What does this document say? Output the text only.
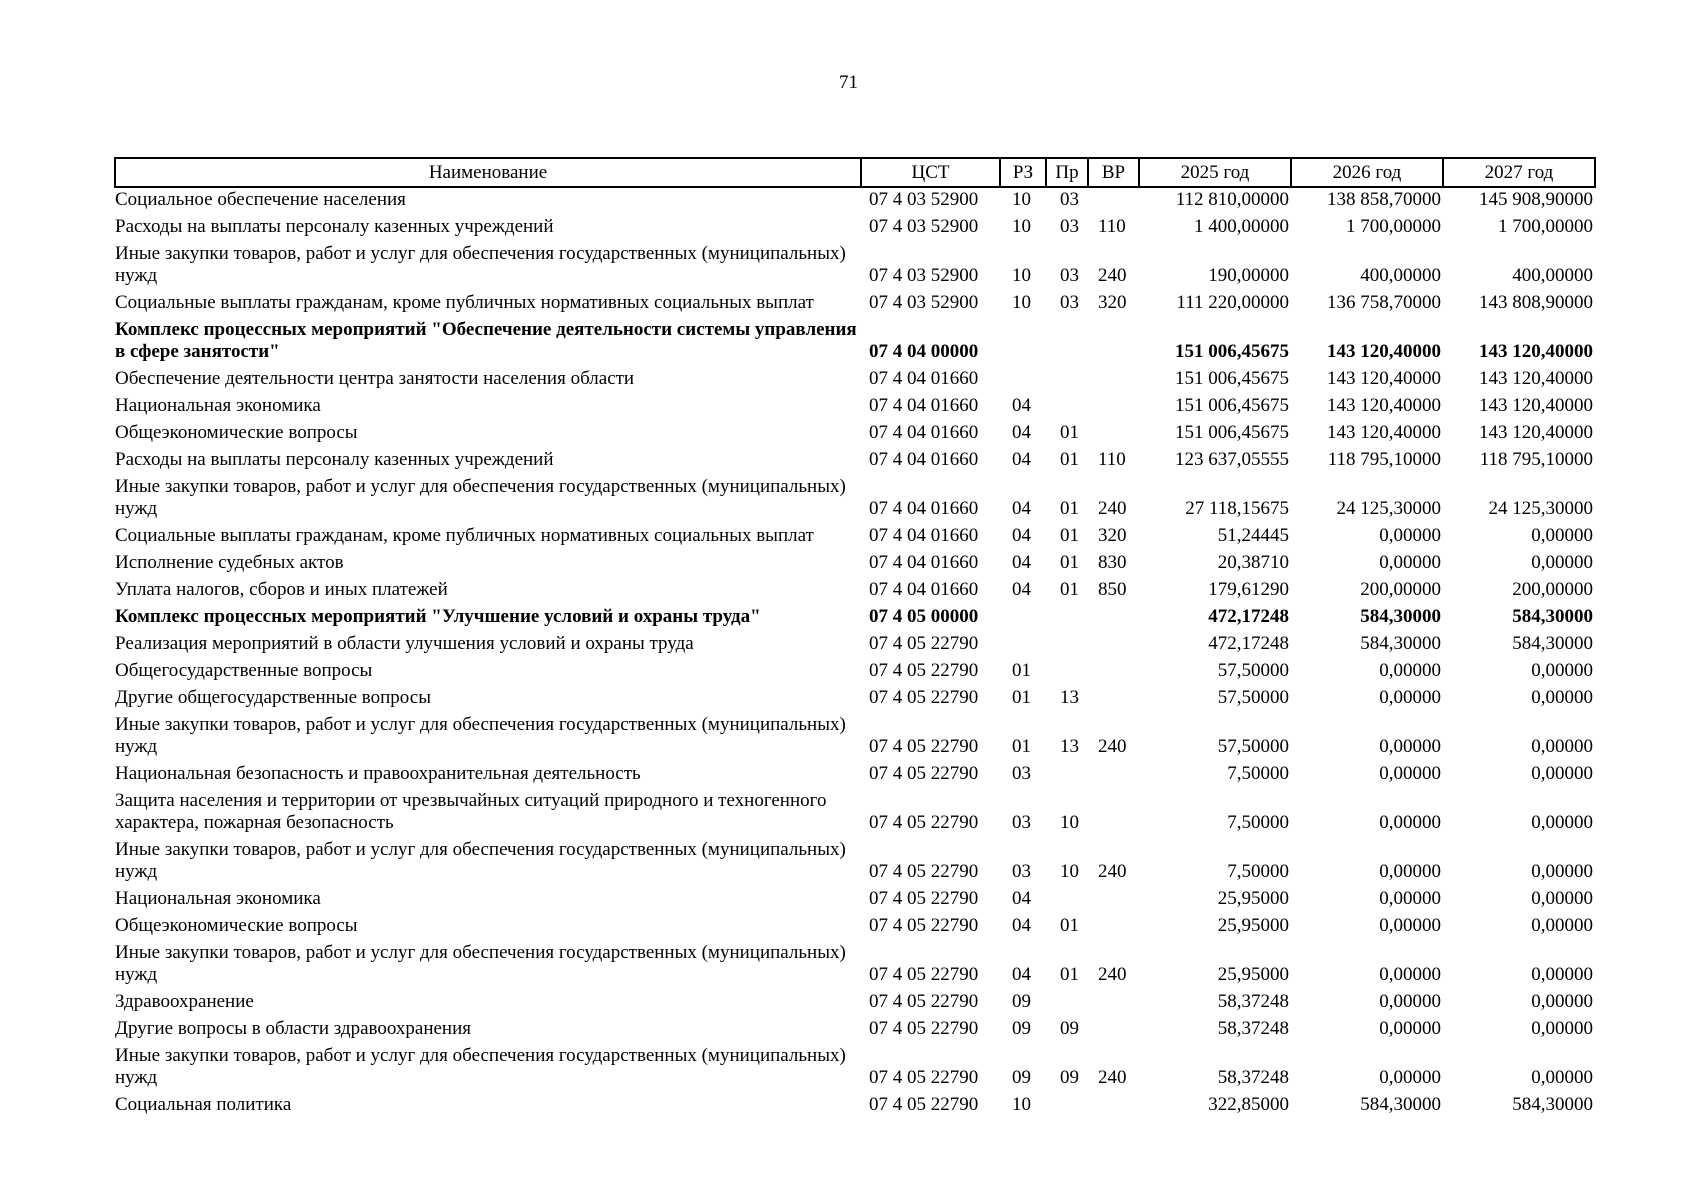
71
Наименование	ЦСТ	РЗ	Пр	ВР	2025 год	2026 год	2027 год
Социальное обеспечение населения	07 4 03 52900	10	03		112 810,00000	138 858,70000	145 908,90000
Расходы на выплаты персоналу казенных учреждений	07 4 03 52900	10	03	110	1 400,00000	1 700,00000	1 700,00000
Иные закупки товаров, работ и услуг для обеспечения государственных (муниципальных) нужд	07 4 03 52900	10	03	240	190,00000	400,00000	400,00000
Социальные выплаты гражданам, кроме публичных нормативных социальных выплат	07 4 03 52900	10	03	320	111 220,00000	136 758,70000	143 808,90000
Комплекс процессных мероприятий "Обеспечение деятельности системы управления в сфере занятости"	07 4 04 00000				151 006,45675	143 120,40000	143 120,40000
Обеспечение деятельности центра занятости населения области	07 4 04 01660				151 006,45675	143 120,40000	143 120,40000
Национальная экономика	07 4 04 01660	04			151 006,45675	143 120,40000	143 120,40000
Общеэкономические вопросы	07 4 04 01660	04	01		151 006,45675	143 120,40000	143 120,40000
Расходы на выплаты персоналу казенных учреждений	07 4 04 01660	04	01	110	123 637,05555	118 795,10000	118 795,10000
Иные закупки товаров, работ и услуг для обеспечения государственных (муниципальных) нужд	07 4 04 01660	04	01	240	27 118,15675	24 125,30000	24 125,30000
Социальные выплаты гражданам, кроме публичных нормативных социальных выплат	07 4 04 01660	04	01	320	51,24445	0,00000	0,00000
Исполнение судебных актов	07 4 04 01660	04	01	830	20,38710	0,00000	0,00000
Уплата налогов, сборов и иных платежей	07 4 04 01660	04	01	850	179,61290	200,00000	200,00000
Комплекс процессных мероприятий "Улучшение условий и охраны труда"	07 4 05 00000				472,17248	584,30000	584,30000
Реализация мероприятий в области улучшения условий и охраны труда	07 4 05 22790				472,17248	584,30000	584,30000
Общегосударственные вопросы	07 4 05 22790	01			57,50000	0,00000	0,00000
Другие общегосударственные вопросы	07 4 05 22790	01	13		57,50000	0,00000	0,00000
Иные закупки товаров, работ и услуг для обеспечения государственных (муниципальных) нужд	07 4 05 22790	01	13	240	57,50000	0,00000	0,00000
Национальная безопасность и правоохранительная деятельность	07 4 05 22790	03			7,50000	0,00000	0,00000
Защита населения и территории от чрезвычайных ситуаций природного и техногенного характера, пожарная безопасность	07 4 05 22790	03	10		7,50000	0,00000	0,00000
Иные закупки товаров, работ и услуг для обеспечения государственных (муниципальных) нужд	07 4 05 22790	03	10	240	7,50000	0,00000	0,00000
Национальная экономика	07 4 05 22790	04			25,95000	0,00000	0,00000
Общеэкономические вопросы	07 4 05 22790	04	01		25,95000	0,00000	0,00000
Иные закупки товаров, работ и услуг для обеспечения государственных (муниципальных) нужд	07 4 05 22790	04	01	240	25,95000	0,00000	0,00000
Здравоохранение	07 4 05 22790	09			58,37248	0,00000	0,00000
Другие вопросы в области здравоохранения	07 4 05 22790	09	09		58,37248	0,00000	0,00000
Иные закупки товаров, работ и услуг для обеспечения государственных (муниципальных) нужд	07 4 05 22790	09	09	240	58,37248	0,00000	0,00000
Социальная политика	07 4 05 22790	10			322,85000	584,30000	584,30000
